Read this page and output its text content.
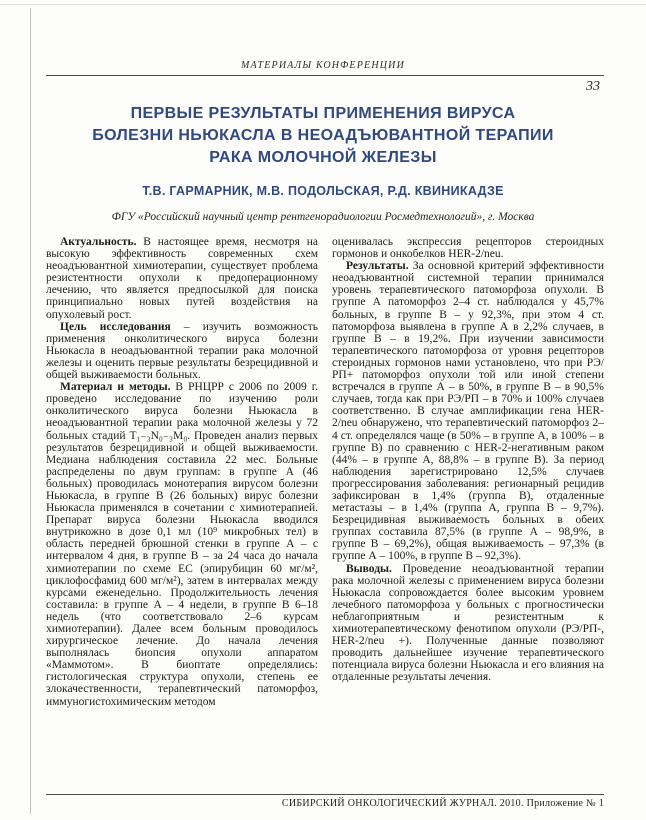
МАТЕРИАЛЫ КОНФЕРЕНЦИИ
33
ПЕРВЫЕ РЕЗУЛЬТАТЫ ПРИМЕНЕНИЯ ВИРУСА
БОЛЕЗНИ НЬЮКАСЛА В НЕОАДЪЮВАНТНОЙ ТЕРАПИИ
РАКА МОЛОЧНОЙ ЖЕЛЕЗЫ
Т.В. ГАРМАРНИК, М.В. ПОДОЛЬСКАЯ, Р.Д. КВИНИКАДЗЕ
ФГУ «Российский научный центр рентгенорадиологии Росмедтехнологий», г. Москва

Актуальность. В настоящее время, несмотря на высокую эффективность современных схем неоадъювантной химиотерапии, существует проблема резистентности опухоли к предоперационному лечению, что является предпосылкой для поиска принципиально новых путей воздействия на опухолевый рост.

Цель исследования – изучить возможность применения онколитического вируса болезни Ньюкасла в неоадъювантной терапии рака молочной железы и оценить первые результаты безрецидивной и общей выживаемости больных.

Материал и методы. В РНЦРР с 2006 по 2009 г. проведено исследование по изучению роли онколитического вируса болезни Ньюкасла в неоадъювантной терапии рака молочной железы у 72 больных стадий T₁₋₃N₀₋₃M₀. Проведен анализ первых результатов безрецидивной и общей выживаемости. Медиана наблюдения составила 22 мес. Больные распределены по двум группам: в группе А (46 больных) проводилась монотерапия вирусом болезни Ньюкасла, в группе В (26 больных) вирус болезни Ньюкасла применялся в сочетании с химиотерапией. Препарат вируса болезни Ньюкасла вводился внутрикожно в дозе 0,1 мл (10⁹ микробных тел) в область передней брюшной стенки в группе А – с интервалом 4 дня, в группе В – за 24 часа до начала химиотерапии по схеме ЕС (эпирубицин 60 мг/м², циклофосфамид 600 мг/м²), затем в интервалах между курсами еженедельно. Продолжительность лечения составила: в группе А – 4 недели, в группе В 6–18 недель (что соответствовало 2–6 курсам химиотерапии). Далее всем больным проводилось хирургическое лечение. До начала лечения выполнялась биопсия опухоли аппаратом «Маммотом». В биоптате определялись: гистологическая структура опухоли, степень ее злокачественности, терапевтический патоморфоз, иммуногистохимическим методом

оценивалась экспрессия рецепторов стероидных гормонов и онкобелков HER-2/neu.

Результаты. За основной критерий эффективности неоадъювантной системной терапии принимался уровень терапевтического патоморфоза опухоли. В группе А патоморфоз 2–4 ст. наблюдался у 45,7% больных, в группе В – у 92,3%, при этом 4 ст. патоморфоза выявлена в группе А в 2,2% случаев, в группе В – в 19,2%. При изучении зависимости терапевтического патоморфоза от уровня рецепторов стероидных гормонов нами установлено, что при РЭ/РП+ патоморфоз опухоли той или иной степени встречался в группе А – в 50%, в группе В – в 90,5% случаев, тогда как при РЭ/РП – в 70% и 100% случаев соответственно. В случае амплификации гена HER-2/neu обнаружено, что терапевтический патоморфоз 2–4 ст. определялся чаще (в 50% – в группе А, в 100% – в группе В) по сравнению с HER-2-негативным раком (44% – в группе А, 88,8% – в группе В). За период наблюдения зарегистрировано 12,5% случаев прогрессирования заболевания: регионарный рецидив зафиксирован в 1,4% (группа В), отдаленные метастазы – в 1,4% (группа А, группа В – 9,7%). Безрецидивная выживаемость больных в обеих группах составила 87,5% (в группе А – 98,9%, в группе В – 69,2%), общая выживаемость – 97,3% (в группе А – 100%, в группе В – 92,3%).

Выводы. Проведение неоадъювантной терапии рака молочной железы с применением вируса болезни Ньюкасла сопровождается более высоким уровнем лечебного патоморфоза у больных с прогностически неблагоприятным и резистентным к химиотерапевтическому фенотипом опухоли (РЭ/РП-, HER-2/neu +). Полученные данные позволяют проводить дальнейшее изучение терапевтического потенциала вируса болезни Ньюкасла и его влияния на отдаленные результаты лечения.

СИБИРСКИЙ ОНКОЛОГИЧЕСКИЙ ЖУРНАЛ. 2010. Приложение № 1
